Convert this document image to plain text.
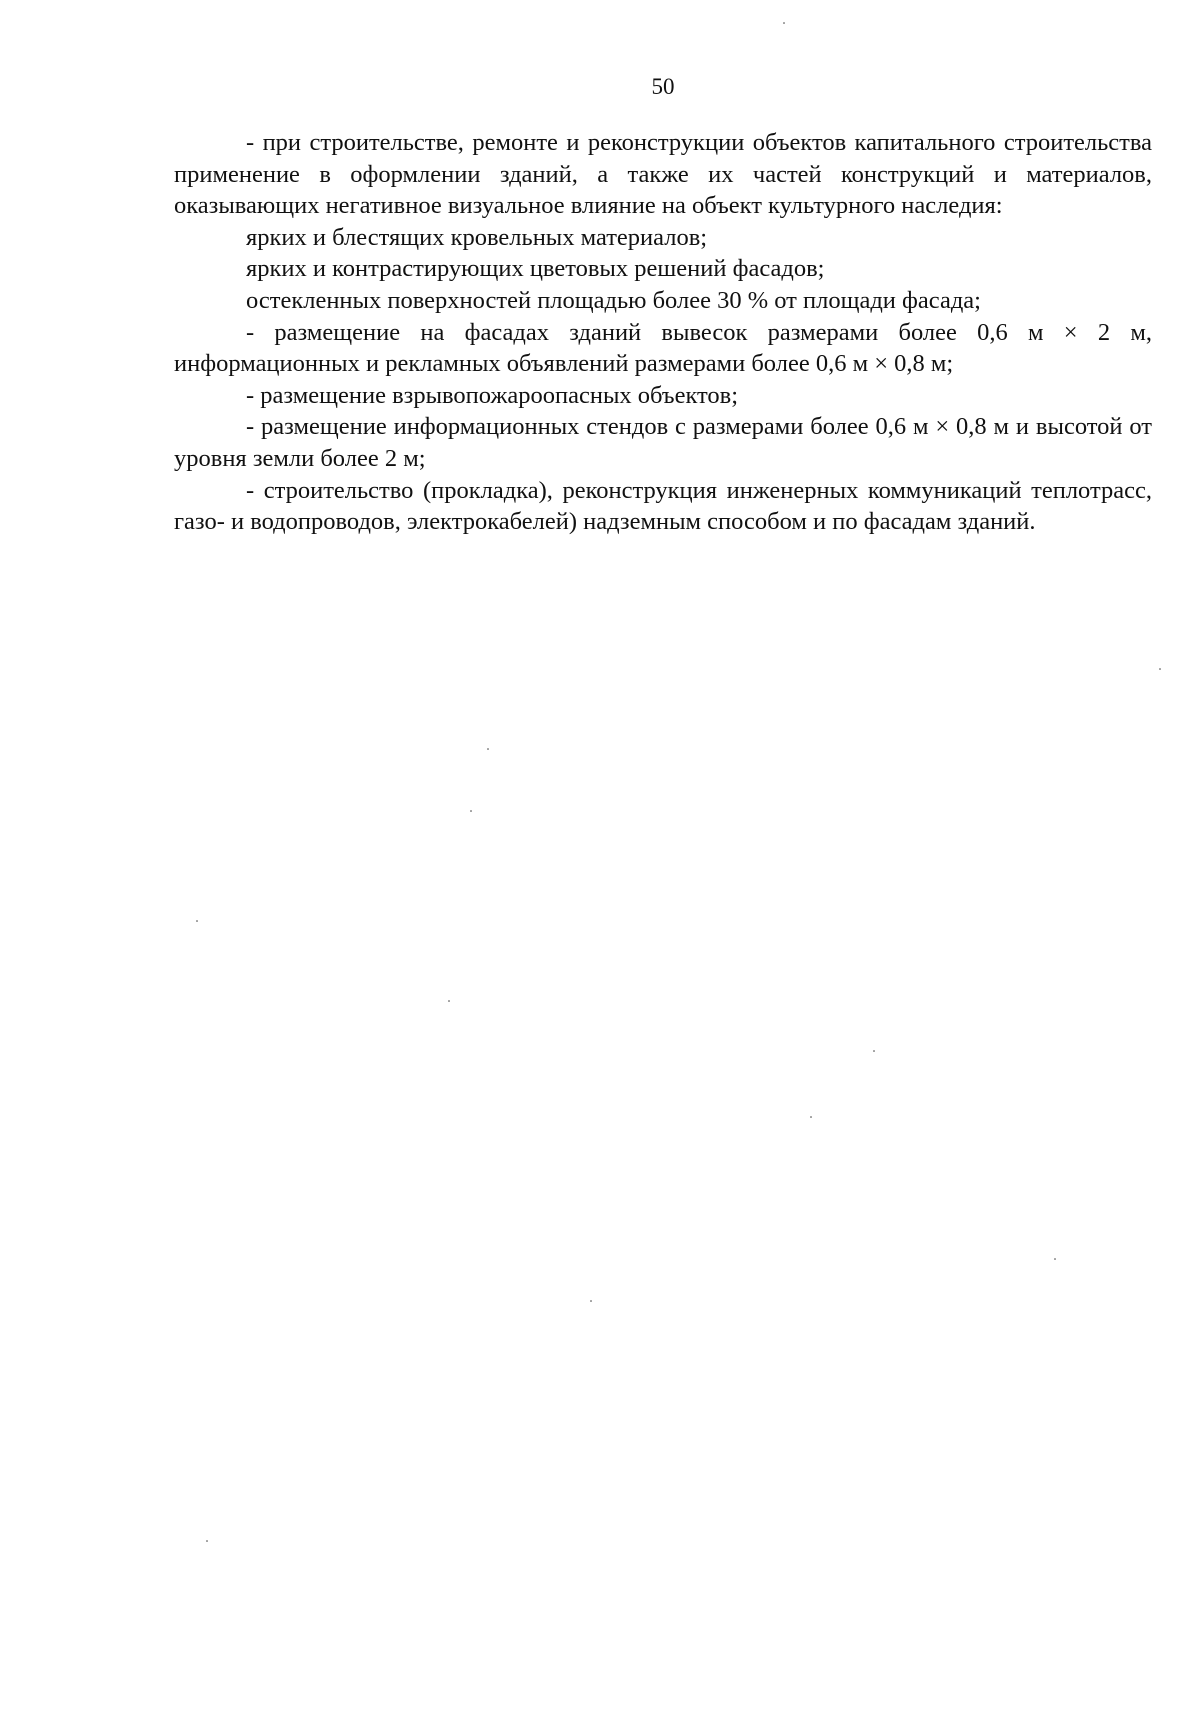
50

- при строительстве, ремонте и реконструкции объектов капитального строительства применение в оформлении зданий, а также их частей конструкций и материалов, оказывающих негативное визуальное влияние на объект культурного наследия:

ярких и блестящих кровельных материалов;

ярких и контрастирующих цветовых решений фасадов;

остекленных поверхностей площадью более 30 % от площади фасада;

- размещение на фасадах зданий вывесок размерами более 0,6 м × 2 м, информационных и рекламных объявлений размерами более 0,6 м × 0,8 м;

- размещение взрывопожароопасных объектов;

- размещение информационных стендов с размерами более 0,6 м × 0,8 м и высотой от уровня земли более 2 м;

- строительство (прокладка), реконструкция инженерных коммуникаций теплотрасс, газо- и водопроводов, электрокабелей) надземным способом и по фасадам зданий.
